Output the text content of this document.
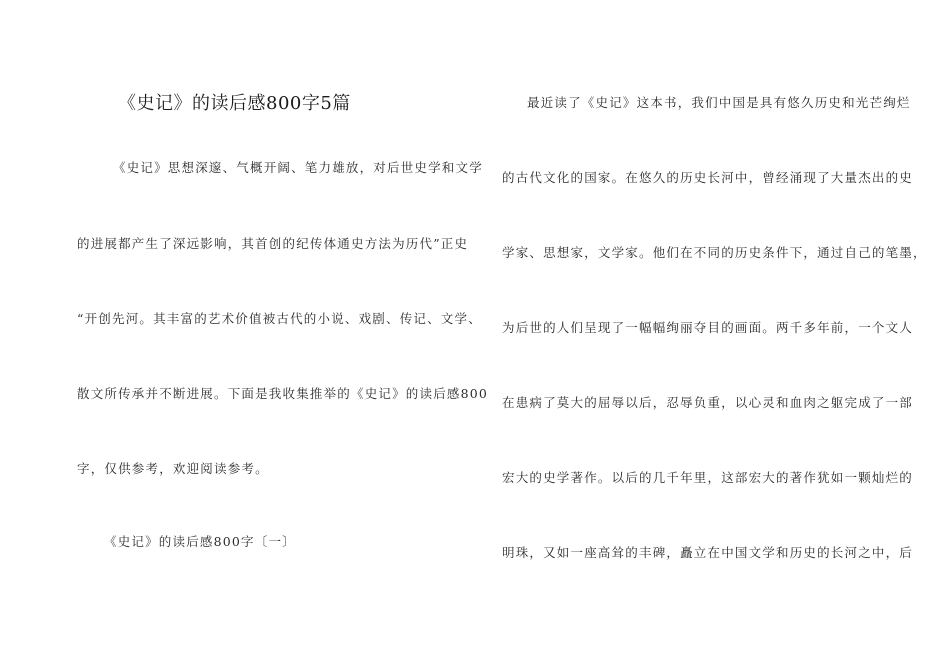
《史记》的读后感800字5篇
《史记》思想深邃、气概开阔、笔力雄放，对后世史学和文学
的进展都产生了深远影响，其首创的纪传体通史方法为历代”正史
“开创先河。其丰富的艺术价值被古代的小说、戏剧、传记、文学、
散文所传承并不断进展。下面是我收集推举的《史记》的读后感800
字，仅供参考，欢迎阅读参考。
《史记》的读后感800字〔一〕
最近读了《史记》这本书，我们中国是具有悠久历史和光芒绚烂
的古代文化的国家。在悠久的历史长河中，曾经涌现了大量杰出的史
学家、思想家，文学家。他们在不同的历史条件下，通过自己的笔墨，
为后世的人们呈现了一幅幅绚丽夺目的画面。两千多年前，一个文人
在患病了莫大的屈辱以后，忍辱负重，以心灵和血肉之躯完成了一部
宏大的史学著作。以后的几千年里，这部宏大的著作犹如一颗灿烂的
明珠，又如一座高耸的丰碑，矗立在中国文学和历史的长河之中，后
